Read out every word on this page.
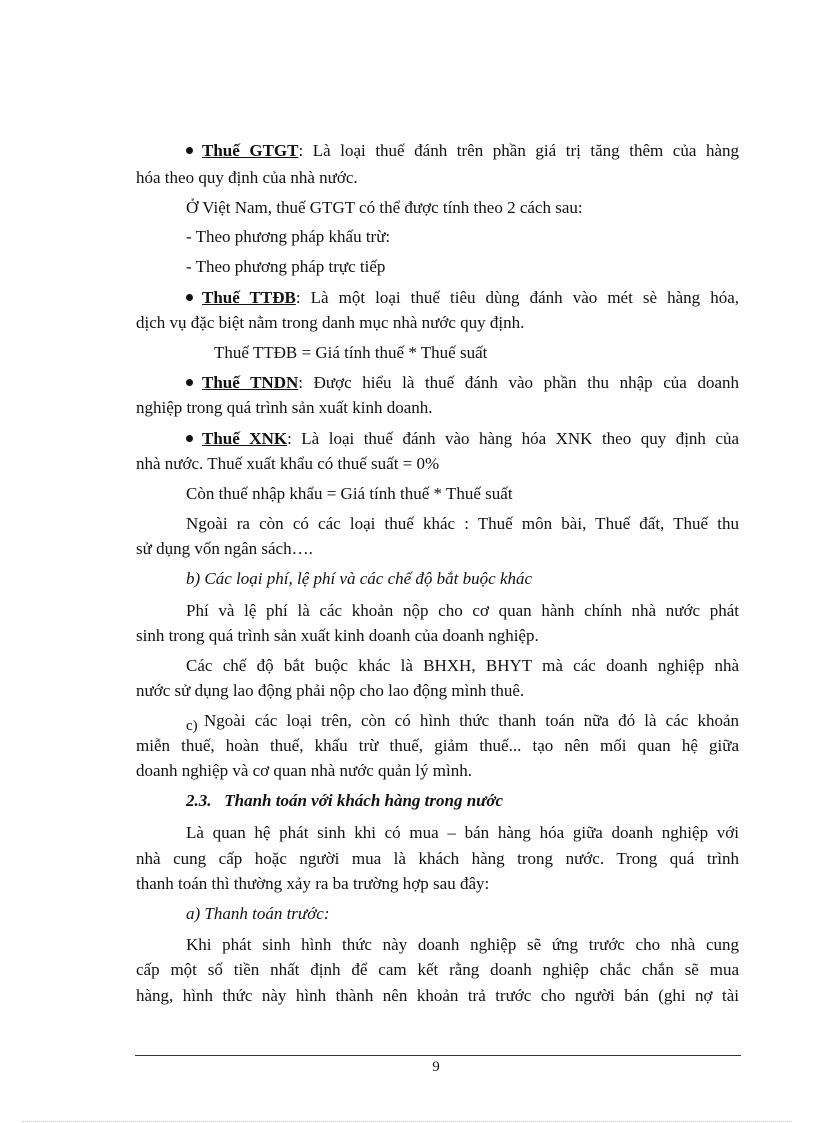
Thuế GTGT: Là loại thuế đánh trên phần giá trị tăng thêm của hàng
hóa theo quy định của nhà nước.
Ở Việt Nam, thuế GTGT có thể được tính theo 2 cách sau:
- Theo phương pháp khấu trừ:
- Theo phương pháp trực tiếp
Thuế TTĐB: Là một loại thuế tiêu dùng đánh vào mét sè hàng hóa,
dịch vụ đặc biệt nằm trong danh mục nhà nước quy định.
Thuế TTĐB = Giá tính thuế * Thuế suất
Thuế TNDN: Được hiểu là thuế đánh vào phần thu nhập của doanh
nghiệp trong quá trình sản xuất kinh doanh.
Thuế XNK: Là loại thuế đánh vào hàng hóa XNK theo quy định của
nhà nước. Thuế xuất khẩu có thuế suất = 0%
Còn thuế nhập khẩu = Giá tính thuế * Thuế suất
Ngoài ra còn có các loại thuế khác : Thuế môn bài, Thuế đất, Thuế thu
sử dụng vốn ngân sách….
b) Các loại phí, lệ phí và các chế độ bắt buộc khác
Phí và lệ phí là các khoản nộp cho cơ quan hành chính nhà nước phát
sinh trong quá trình sản xuất kinh doanh của doanh nghiệp.
Các chế độ bắt buộc khác là BHXH, BHYT mà các doanh nghiệp nhà
nước sử dụng lao động phải nộp cho lao động mình thuê.
c) Ngoài các loại trên, còn có hình thức thanh toán nữa đó là các khoản
miễn thuế, hoàn thuế, khấu trừ thuế, giảm thuế... tạo nên mối quan hệ giữa
doanh nghiệp và cơ quan nhà nước quản lý mình.
2.3.   Thanh toán với khách hàng trong nước
Là quan hệ phát sinh khi có mua – bán hàng hóa giữa doanh nghiệp với
nhà cung cấp hoặc người mua là khách hàng trong nước. Trong quá trình
thanh toán thì thường xảy ra ba trường hợp sau đây:
a) Thanh toán trước:
Khi phát sinh hình thức này doanh nghiệp sẽ ứng trước cho nhà cung
cấp một số tiền nhất định để cam kết rằng doanh nghiệp chắc chắn sẽ mua
hàng, hình thức này hình thành nên khoản trả trước cho người bán (ghi nợ tài
9
